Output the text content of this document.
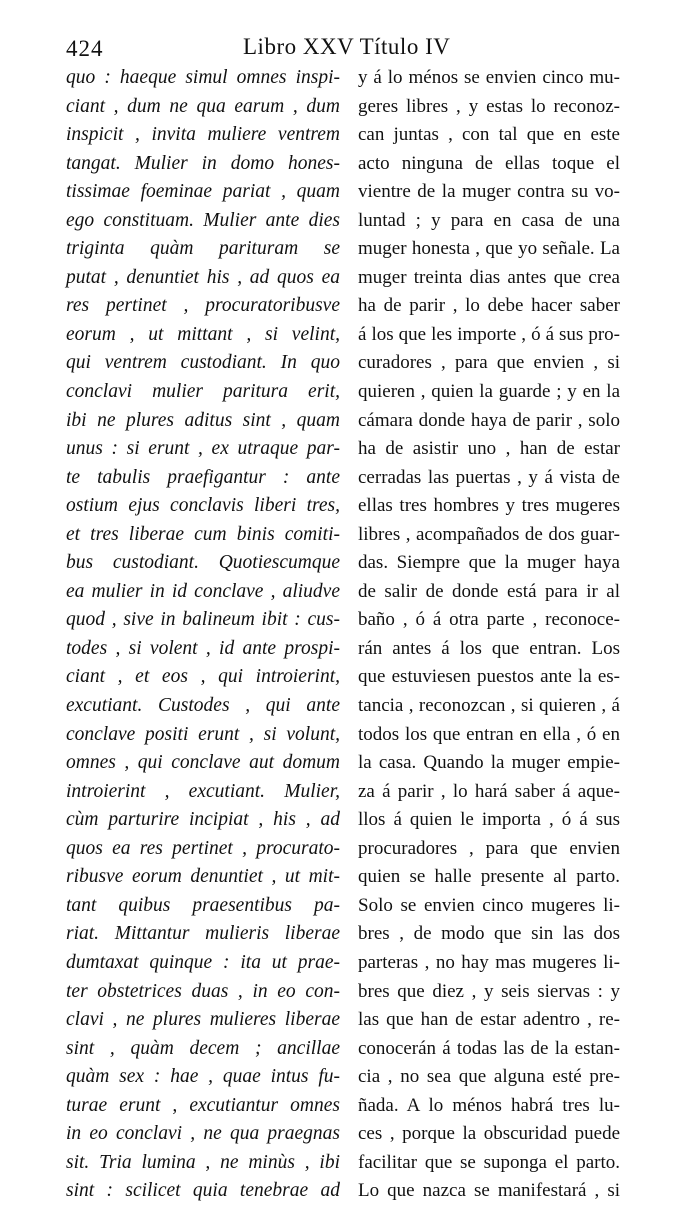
424	Libro XXV Título IV
quo : haeque simul omnes inspi-
ciant , dum ne qua earum , dum
inspicit , invita muliere ventrem
tangat. Mulier in domo hones-
tissimae foeminae pariat , quam
ego constituam. Mulier ante dies
triginta quàm parituram se
putat , denuntiet his , ad quos ea
res pertinet , procuratoribusve
eorum , ut mittant , si velint,
qui ventrem custodiant. In quo
conclavi mulier paritura erit,
ibi ne plures aditus sint , quam
unus : si erunt , ex utraque par-
te tabulis praefigantur : ante
ostium ejus conclavis liberi tres,
et tres liberae cum binis comiti-
bus custodiant. Quotiescumque
ea mulier in id conclave , aliudve
quod , sive in balineum ibit : cus-
todes , si volent , id ante prospi-
ciant , et eos , qui introierint,
excutiant. Custodes , qui ante
conclave positi erunt , si volunt,
omnes , qui conclave aut domum
introierint , excutiant. Mulier,
cùm parturire incipiat , his , ad
quos ea res pertinet , procurato-
ribusve eorum denuntiet , ut mit-
tant quibus praesentibus pa-
riat. Mittantur mulieris liberae
dumtaxat quinque : ita ut prae-
ter obstetrices duas , in eo con-
clavi , ne plures mulieres liberae
sint , quàm decem ; ancillae
quàm sex : hae , quae intus fu-
turae erunt , excutiantur omnes
in eo conclavi , ne qua praegnas
sit. Tria lumina , ne minùs , ibi
sint : scilicet quia tenebrae ad
y á lo ménos se envien cinco mu-
geres libres , y estas lo reconoz-
can juntas , con tal que en este
acto ninguna de ellas toque el
vientre de la muger contra su vo-
luntad ; y para en casa de una
muger honesta , que yo señale. La
muger treinta dias antes que crea
ha de parir , lo debe hacer saber
á los que les importe , ó á sus pro-
curadores , para que envien , si
quieren , quien la guarde ; y en la
cámara donde haya de parir , solo
ha de asistir uno , han de estar
cerradas las puertas , y á vista de
ellas tres hombres y tres mugeres
libres , acompañados de dos guar-
das. Siempre que la muger haya
de salir de donde está para ir al
baño , ó á otra parte , reconoce-
rán antes á los que entran. Los
que estuviesen puestos ante la es-
tancia , reconozcan , si quieren , á
todos los que entran en ella , ó en
la casa. Quando la muger empie-
za á parir , lo hará saber á aque-
llos á quien le importa , ó á sus
procuradores , para que envien
quien se halle presente al parto.
Solo se envien cinco mugeres li-
bres , de modo que sin las dos
parteras , no hay mas mugeres li-
bres que diez , y seis siervas : y
las que han de estar adentro , re-
conocerán á todas las de la estan-
cia , no sea que alguna esté pre-
ñada. A lo ménos habrá tres lu-
ces , porque la obscuridad puede
facilitar que se suponga el parto.
Lo que nazca se manifestará , si
